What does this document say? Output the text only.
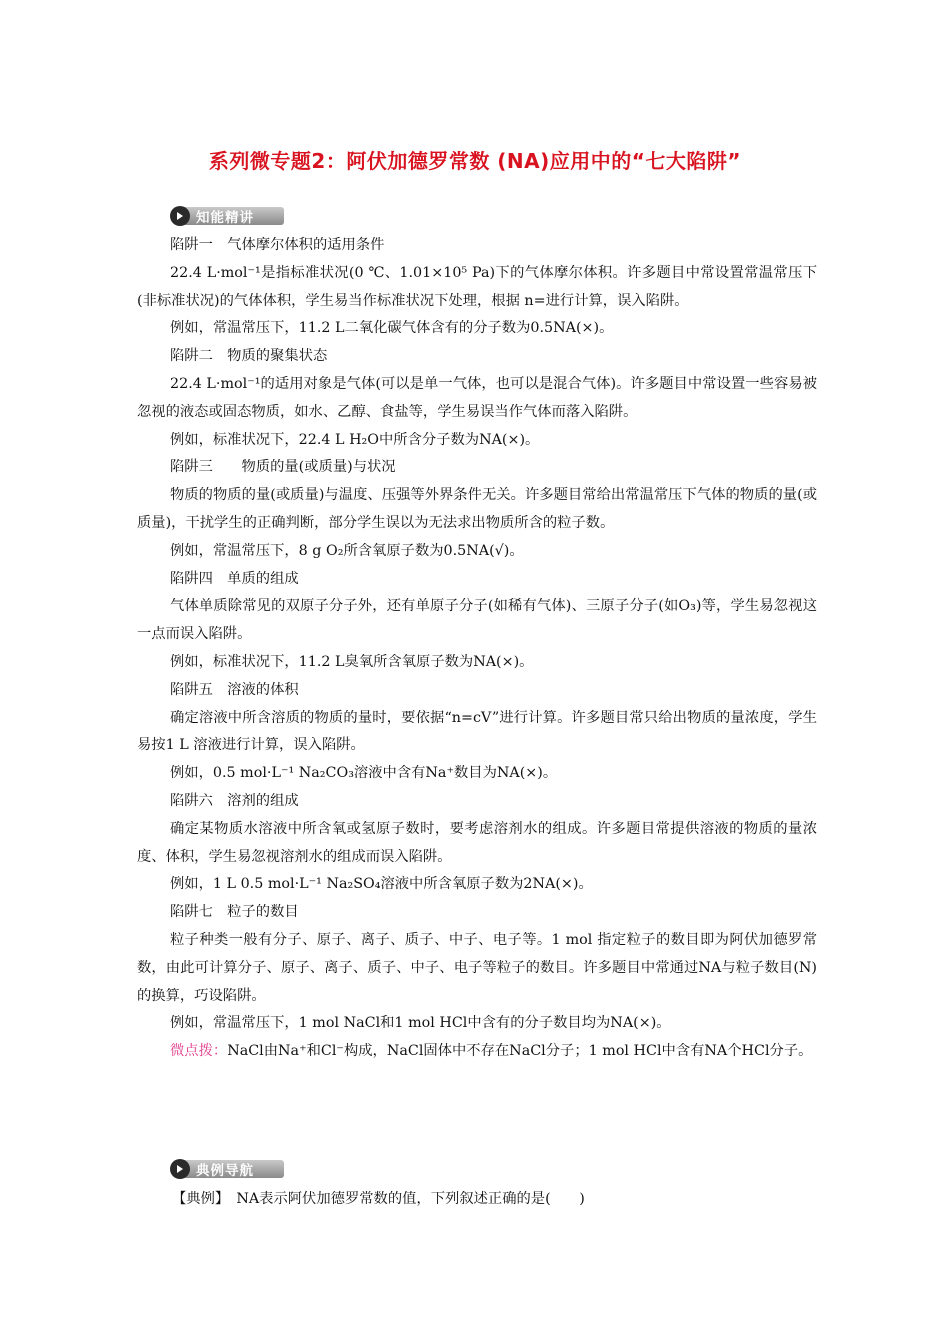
系列微专题2：阿伏加德罗常数 (NA)应用中的“七大陷阱”
知能精讲

陷阱一　气体摩尔体积的适用条件

22.4 L·mol⁻¹是指标准状况(0 ℃、1.01×10⁵ Pa)下的气体摩尔体积。许多题目中常设置常温常压下(非标准状况)的气体体积，学生易当作标准状况下处理，根据 n=进行计算，误入陷阱。

例如，常温常压下，11.2 L二氧化碳气体含有的分子数为0.5NA(×)。

陷阱二　物质的聚集状态

22.4 L·mol⁻¹的适用对象是气体(可以是单一气体，也可以是混合气体)。许多题目中常设置一些容易被忽视的液态或固态物质，如水、乙醇、食盐等，学生易误当作气体而落入陷阱。

例如，标准状况下，22.4 L H₂O中所含分子数为NA(×)。

陷阱三　　物质的量(或质量)与状况

物质的物质的量(或质量)与温度、压强等外界条件无关。许多题目常给出常温常压下气体的物质的量(或质量)，干扰学生的正确判断，部分学生误以为无法求出物质所含的粒子数。

例如，常温常压下，8 g O₂所含氧原子数为0.5NA(√)。

陷阱四　单质的组成

气体单质除常见的双原子分子外，还有单原子分子(如稀有气体)、三原子分子(如O₃)等，学生易忽视这一点而误入陷阱。

例如，标准状况下，11.2 L臭氧所含氧原子数为NA(×)。

陷阱五　溶液的体积

确定溶液中所含溶质的物质的量时，要依据“n=cV”进行计算。许多题目常只给出物质的量浓度，学生易按1 L 溶液进行计算，误入陷阱。

例如，0.5 mol·L⁻¹ Na₂CO₃溶液中含有Na⁺数目为NA(×)。

陷阱六　溶剂的组成

确定某物质水溶液中所含氧或氢原子数时，要考虑溶剂水的组成。许多题目常提供溶液的物质的量浓度、体积，学生易忽视溶剂水的组成而误入陷阱。

例如，1 L 0.5 mol·L⁻¹ Na₂SO₄溶液中所含氧原子数为2NA(×)。

陷阱七　粒子的数目

粒子种类一般有分子、原子、离子、质子、中子、电子等。1 mol 指定粒子的数目即为阿伏加德罗常数，由此可计算分子、原子、离子、质子、中子、电子等粒子的数目。许多题目中常通过NA与粒子数目(N)的换算，巧设陷阱。

例如，常温常压下，1 mol NaCl和1 mol HCl中含有的分子数目均为NA(×)。

微点拨：NaCl由Na⁺和Cl⁻构成，NaCl固体中不存在NaCl分子；1 mol HCl中含有NA个HCl分子。

典例导航
【典例】　NA表示阿伏加德罗常数的值，下列叙述正确的是(　　)
